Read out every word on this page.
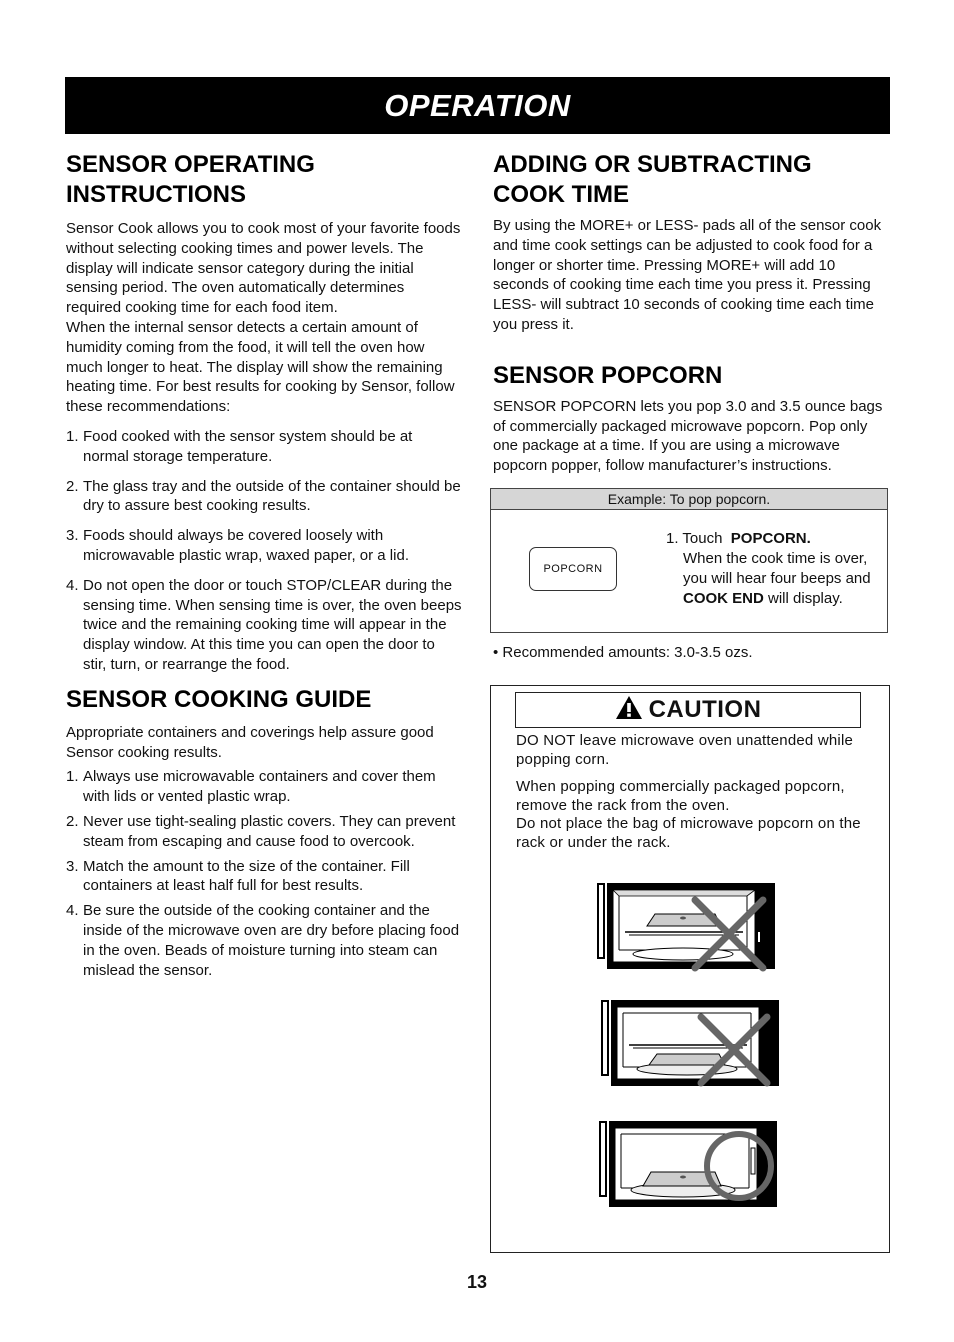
OPERATION
SENSOR OPERATING
INSTRUCTIONS

Sensor Cook allows you to cook most of your favorite foods without selecting cooking times and power levels. The display will indicate sensor category during the initial sensing period. The oven automatically determines required cooking time for each food item.

When the internal sensor detects a certain amount of humidity coming from the food, it will tell the oven how much longer to heat. The display will show the remaining heating time. For best results for cooking by Sensor, follow these recommendations:

1. Food cooked with the sensor system should be at normal storage temperature.
2. The glass tray and the outside of the container should be dry to assure best cooking results.
3. Foods should always be covered loosely with microwavable plastic wrap, waxed paper, or a lid.
4. Do not open the door or touch STOP/CLEAR during the sensing time. When sensing time is over, the oven beeps twice and the remaining cooking time will appear in the display window. At this time you can open the door to stir, turn, or rearrange the food.
SENSOR COOKING GUIDE

Appropriate containers and coverings help assure good Sensor cooking results.

1. Always use microwavable containers and cover them with lids or vented plastic wrap.
2. Never use tight-sealing plastic covers. They can prevent steam from escaping and cause food to overcook.
3. Match the amount to the size of the container. Fill containers at least half full for best results.
4. Be sure the outside of the cooking container and the inside of the microwave oven are dry before placing food in the oven. Beads of moisture turning into steam can mislead the sensor.
ADDING OR SUBTRACTING
COOK TIME

By using the MORE+ or LESS- pads all of the sensor cook and time cook settings can be adjusted to cook food for a longer or shorter time. Pressing MORE+ will add 10 seconds of cooking time each time you press it. Pressing LESS- will subtract 10 seconds of cooking time each time you press it.

SENSOR POPCORN

SENSOR POPCORN lets you pop 3.0 and 3.5 ounce bags of commercially packaged microwave popcorn. Pop only one package at a time. If you are using a microwave popcorn popper, follow manufacturer’s instructions.

Example: To pop popcorn.
POPCORN
1. Touch POPCORN.
When the cook time is over, you will hear four beeps and COOK END will display.
• Recommended amounts: 3.0-3.5 ozs.
CAUTION

DO NOT leave microwave oven unattended while popping corn.

When popping commercially packaged popcorn, remove the rack from the oven.

Do not place the bag of microwave popcorn on the rack or under the rack.

13
